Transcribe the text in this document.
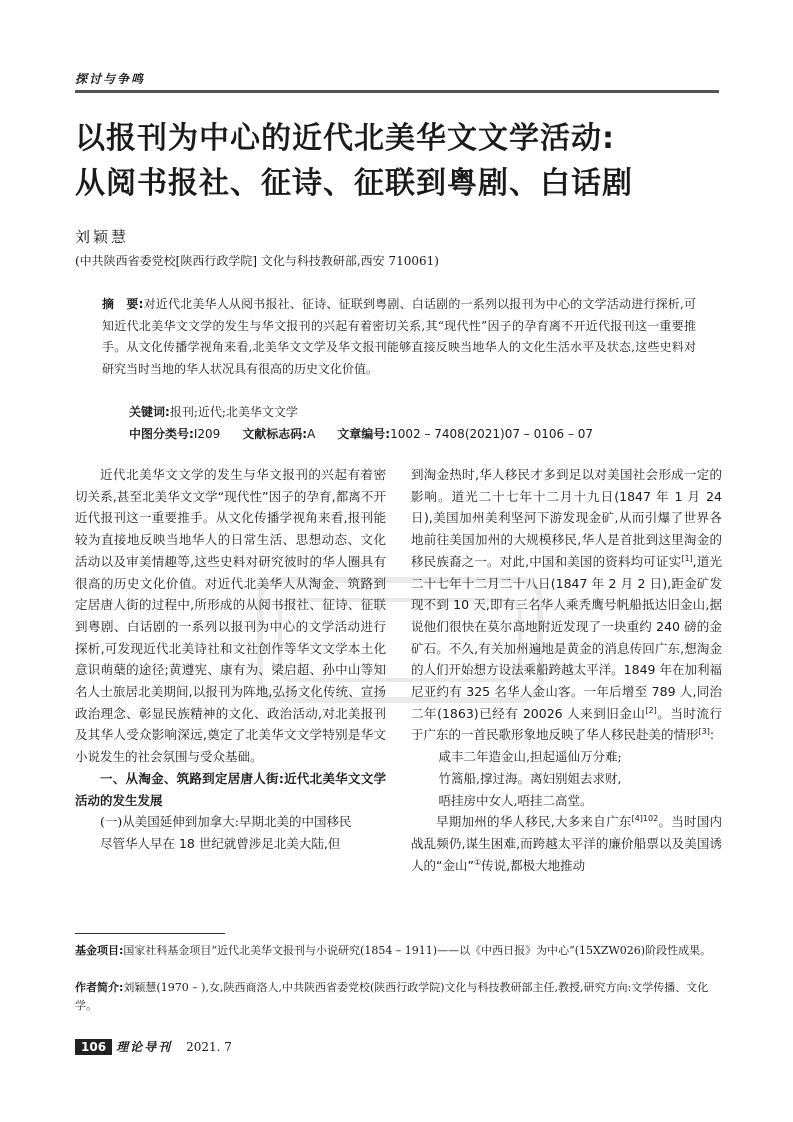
探讨与争鸣
以报刊为中心的近代北美华文文学活动:
从阅书报社、征诗、征联到粤剧、白话剧
刘颖慧
(中共陕西省委党校[陕西行政学院] 文化与科技教研部,西安 710061)
摘　要:对近代北美华人从阅书报社、征诗、征联到粤剧、白话剧的一系列以报刊为中心的文学活动进行探析,可知近代北美华文文学的发生与华文报刊的兴起有着密切关系,其“现代性”因子的孕育离不开近代报刊这一重要推手。从文化传播学视角来看,北美华文文学及华文报刊能够直接反映当地华人的文化生活水平及状态,这些史料对研究当时当地的华人状况具有很高的历史文化价值。
关键词:报刊;近代;北美华文文学
中图分类号:I209 文献标志码:A 文章编号:1002 – 7408(2021)07 – 0106 – 07

近代北美华文文学的发生与华文报刊的兴起有着密切关系,甚至北美华文文学“现代性”因子的孕育,都离不开近代报刊这一重要推手。从文化传播学视角来看,报刊能较为直接地反映当地华人的日常生活、思想动态、文化活动以及审美情趣等,这些史料对研究彼时的华人圈具有很高的历史文化价值。对近代北美华人从淘金、筑路到定居唐人街的过程中,所形成的从阅书报社、征诗、征联到粤剧、白话剧的一系列以报刊为中心的文学活动进行探析,可发现近代北美诗社和文社创作等华文文学本土化意识萌蘖的途径;黄遵宪、康有为、梁启超、孙中山等知名人士旅居北美期间,以报刊为阵地,弘扬文化传统、宣扬政治理念、彰显民族精神的文化、政治活动,对北美报刊及其华人受众影响深远,奠定了北美华文文学特别是华文小说发生的社会氛围与受众基础。

一、从淘金、筑路到定居唐人街:近代北美华文文学活动的发生发展

(一)从美国延伸到加拿大:早期北美的中国移民

尽管华人早在 18 世纪就曾涉足北美大陆,但

到淘金热时,华人移民才多到足以对美国社会形成一定的影响。道光二十七年十二月十九日(1847 年 1 月 24 日),美国加州美利坚河下游发现金矿,从而引爆了世界各地前往美国加州的大规模移民,华人是首批到这里淘金的移民族裔之一。对此,中国和美国的资料均可证实[1],道光二十七年十二月二十八日(1847 年 2 月 2 日),距金矿发现不到 10 天,即有三名华人乘秃鹰号帆船抵达旧金山,据说他们很快在莫尔高地附近发现了一块重约 240 磅的金矿石。不久,有关加州遍地是黄金的消息传回广东,想淘金的人们开始想方设法乘船跨越太平洋。1849 年在加利福尼亚约有 325 名华人金山客。一年后增至 789 人,同治二年(1863)已经有 20026 人来到旧金山[2]。当时流行于广东的一首民歌形象地反映了华人移民赴美的情形[3]:

咸丰二年造金山,担起遥仙万分难;

竹篙船,撑过海。离妇别姐去求财,

唔挂房中女人,唔挂二高堂。

早期加州的华人移民,大多来自广东$^{[4]102}$。当时国内战乱频仍,谋生困难,而跨越太平洋的廉价船票以及美国诱人的“金山”①传说,都极大地推动

基金项目:国家社科基金项目“近代北美华文报刊与小说研究(1854 – 1911)——以《中西日报》为中心”(15XZW026)阶段性成果。
作者简介:刘颖慧(1970 – ),女,陕西商洛人,中共陕西省委党校(陕西行政学院)文化与科技教研部主任,教授,研究方向:文学传播、文化学。
106 理论导刊 2021. 7
